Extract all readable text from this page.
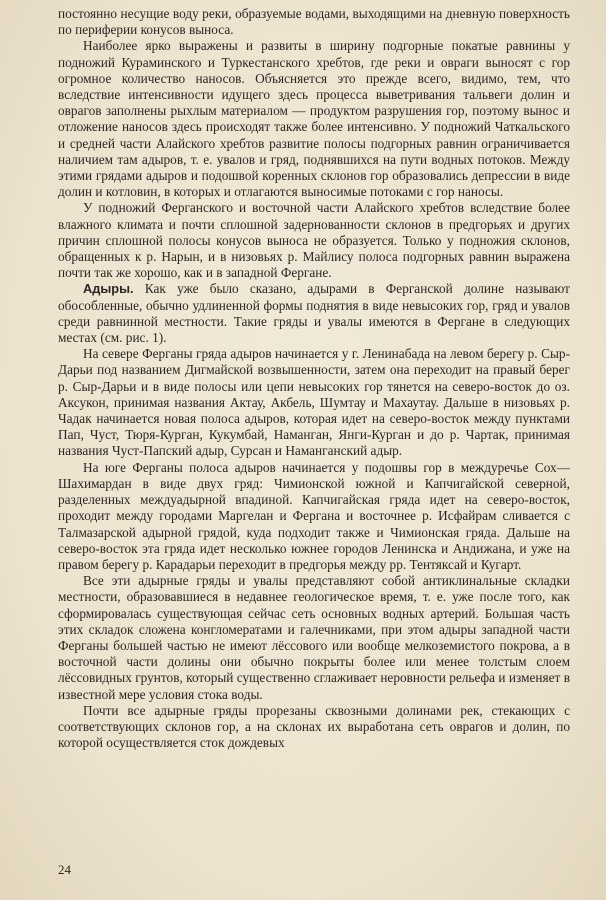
постоянно несущие воду реки, образуемые водами, выходящими на дневную поверхность по периферии конусов выноса.

Наиболее ярко выражены и развиты в ширину подгорные покатые равнины у подножий Кураминского и Туркестанского хребтов, где реки и овраги выносят с гор огромное количество наносов. Объясняется это прежде всего, видимо, тем, что вследствие интенсивности идущего здесь процесса выветривания тальвеги долин и оврагов заполнены рыхлым материалом — продуктом разрушения гор, поэтому вынос и отложение наносов здесь происходят также более интенсивно. У подножий Чаткальского и средней части Алайского хребтов развитие полосы подгорных равнин ограничивается наличием там адыров, т. е. увалов и гряд, поднявшихся на пути водных потоков. Между этими грядами адыров и подошвой коренных склонов гор образовались депрессии в виде долин и котловин, в которых и отлагаются выносимые потоками с гор наносы.

У подножий Ферганского и восточной части Алайского хребтов вследствие более влажного климата и почти сплошной задернованности склонов в предгорьях и других причин сплошной полосы конусов выноса не образуется. Только у подножия склонов, обращенных к р. Нарын, и в низовьях р. Майлису полоса подгорных равнин выражена почти так же хорошо, как и в западной Фергане.

Адыры. Как уже было сказано, адырами в Ферганской долине называют обособленные, обычно удлиненной формы поднятия в виде невысоких гор, гряд и увалов среди равнинной местности. Такие гряды и увалы имеются в Фергане в следующих местах (см. рис. 1).

На севере Ферганы гряда адыров начинается у г. Ленинабада на левом берегу р. Сыр-Дарьи под названием Дигмайской возвышенности, затем она переходит на правый берег р. Сыр-Дарьи и в виде полосы или цепи невысоких гор тянется на северо-восток до оз. Аксукон, принимая названия Актау, Акбель, Шумтау и Махаутау. Дальше в низовьях р. Чадак начинается новая полоса адыров, которая идет на северо-восток между пунктами Пап, Чуст, Тюря-Курган, Кукумбай, Наманган, Янги-Курган и до р. Чартак, принимая названия Чуст-Папский адыр, Сурсан и Наманганский адыр.

На юге Ферганы полоса адыров начинается у подошвы гор в междуречье Сох—Шахимардан в виде двух гряд: Чимионской южной и Капчигайской северной, разделенных междуадырной впадиной. Капчигайская гряда идет на северо-восток, проходит между городами Маргелан и Фергана и восточнее р. Исфайрам сливается с Талмазарской адырной грядой, куда подходит также и Чимионская гряда. Дальше на северо-восток эта гряда идет несколько южнее городов Ленинска и Андижана, и уже на правом берегу р. Карадарьи переходит в предгорья между рр. Тентяксай и Кугарт.

Все эти адырные гряды и увалы представляют собой антиклинальные складки местности, образовавшиеся в недавнее геологическое время, т. е. уже после того, как сформировалась существующая сейчас сеть основных водных артерий. Большая часть этих складок сложена конгломератами и галечниками, при этом адыры западной части Ферганы большей частью не имеют лёссового или вообще мелкоземистого покрова, а в восточной части долины они обычно покрыты более или менее толстым слоем лёссовидных грунтов, который существенно сглаживает неровности рельефа и изменяет в известной мере условия стока воды.

Почти все адырные гряды прорезаны сквозными долинами рек, стекающих с соответствующих склонов гор, а на склонах их выработана сеть оврагов и долин, по которой осуществляется сток дождевых

24
